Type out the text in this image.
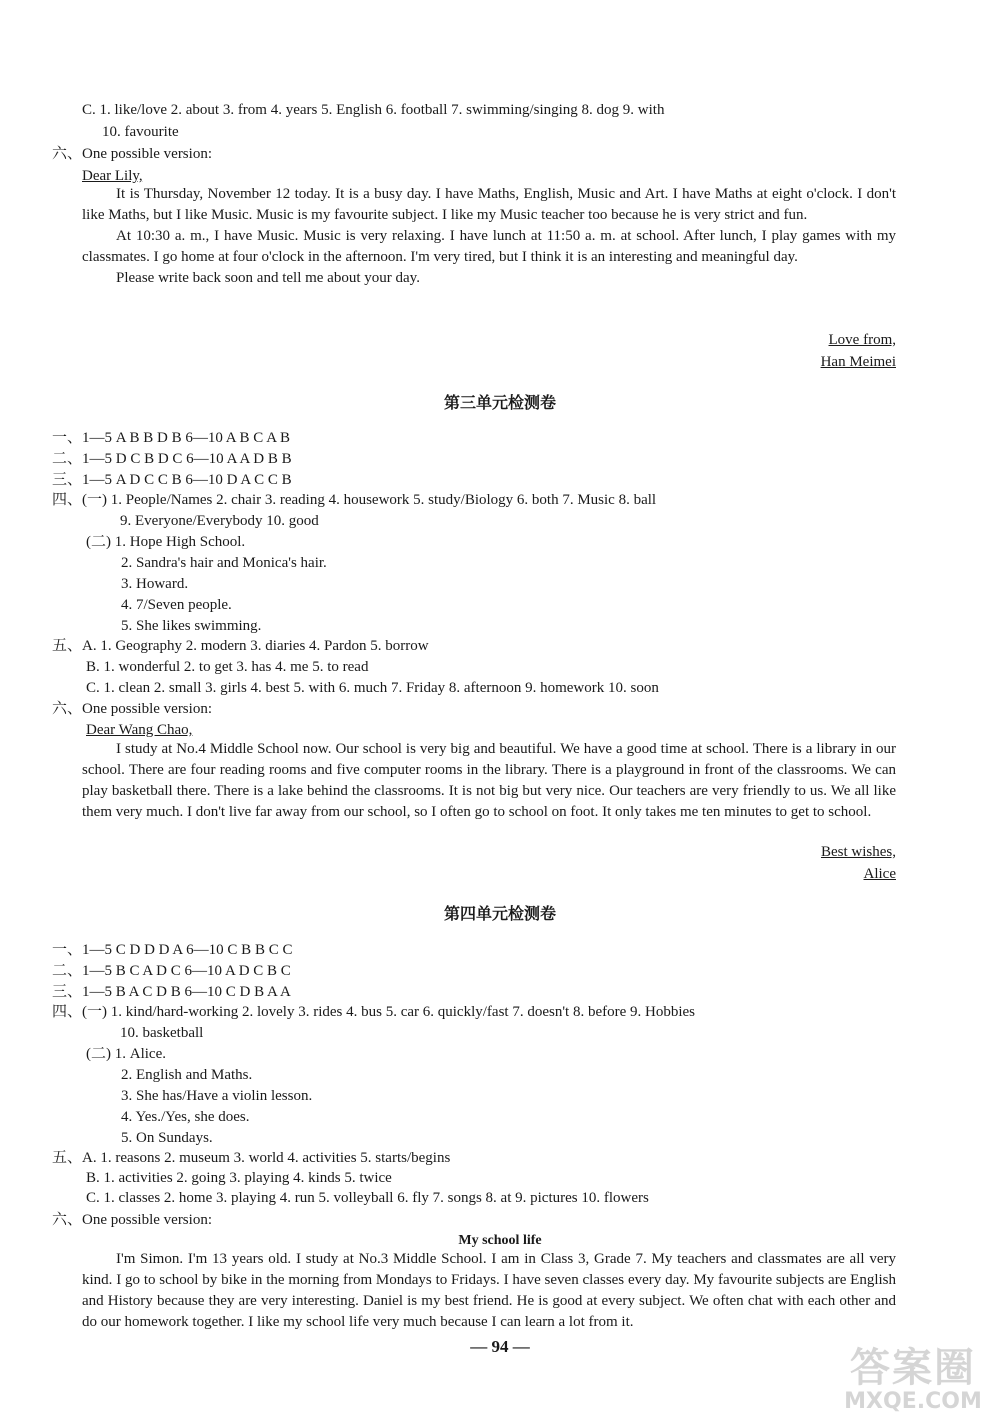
C. 1. like/love 2. about 3. from 4. years 5. English 6. football 7. swimming/singing 8. dog 9. with
10. favourite
六、One possible version:
Dear Lily,

It is Thursday, November 12 today. It is a busy day. I have Maths, English, Music and Art. I have Maths at eight o'clock. I don't like Maths, but I like Music. Music is my favourite subject. I like my Music teacher too because he is very strict and fun.

At 10:30 a. m., I have Music. Music is very relaxing. I have lunch at 11:50 a. m. at school. After lunch, I play games with my classmates. I go home at four o'clock in the afternoon. I'm very tired, but I think it is an interesting and meaningful day.

Please write back soon and tell me about your day.

Love from,
Han Meimei
第三单元检测卷
一、1—5 A B B D B 6—10 A B C A B
二、1—5 D C B D C 6—10 A A D B B
三、1—5 A D C C B 6—10 D A C C B
四、(一) 1. People/Names 2. chair 3. reading 4. housework 5. study/Biology 6. both 7. Music 8. ball
9. Everyone/Everybody 10. good
(二) 1. Hope High School.
2. Sandra's hair and Monica's hair.
3. Howard.
4. 7/Seven people.
5. She likes swimming.
五、A. 1. Geography 2. modern 3. diaries 4. Pardon 5. borrow
B. 1. wonderful 2. to get 3. has 4. me 5. to read
C. 1. clean 2. small 3. girls 4. best 5. with 6. much 7. Friday 8. afternoon 9. homework 10. soon
六、One possible version:
Dear Wang Chao,

I study at No.4 Middle School now. Our school is very big and beautiful. We have a good time at school. There is a library in our school. There are four reading rooms and five computer rooms in the library. There is a playground in front of the classrooms. We can play basketball there. There is a lake behind the classrooms. It is not big but very nice. Our teachers are very friendly to us. We all like them very much. I don't live far away from our school, so I often go to school on foot. It only takes me ten minutes to get to school.

Best wishes,
Alice
第四单元检测卷
一、1—5 C D D D A 6—10 C B B C C
二、1—5 B C A D C 6—10 A D C B C
三、1—5 B A C D B 6—10 C D B A A
四、(一) 1. kind/hard-working 2. lovely 3. rides 4. bus 5. car 6. quickly/fast 7. doesn't 8. before 9. Hobbies
10. basketball
(二) 1. Alice.
2. English and Maths.
3. She has/Have a violin lesson.
4. Yes./Yes, she does.
5. On Sundays.
五、A. 1. reasons 2. museum 3. world 4. activities 5. starts/begins
B. 1. activities 2. going 3. playing 4. kinds 5. twice
C. 1. classes 2. home 3. playing 4. run 5. volleyball 6. fly 7. songs 8. at 9. pictures 10. flowers
六、One possible version:
My school life

I'm Simon. I'm 13 years old. I study at No.3 Middle School. I am in Class 3, Grade 7. My teachers and classmates are all very kind. I go to school by bike in the morning from Mondays to Fridays. I have seven classes every day. My favourite subjects are English and History because they are very interesting. Daniel is my best friend. He is good at every subject. We often chat with each other and do our homework together. I like my school life very much because I can learn a lot from it.

— 94 —	答案圈
MXQE.COM
